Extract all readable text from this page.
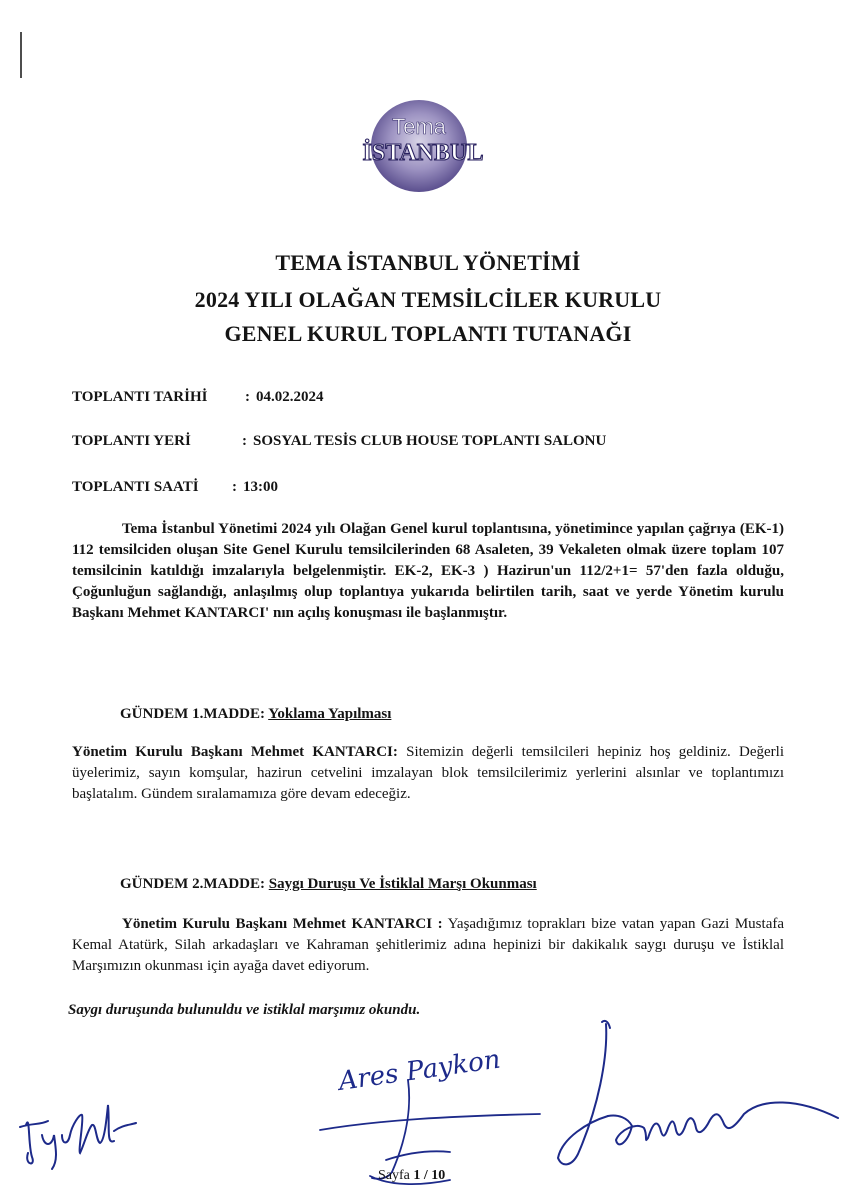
Tema
İSTANBUL
TEMA İSTANBUL YÖNETİMİ
2024 YILI OLAĞAN TEMSİLCİLER KURULU
GENEL KURUL TOPLANTI TUTANAĞI

TOPLANTI TARİHİ	: 04.02.2024

TOPLANTI YERİ	: SOSYAL TESİS CLUB HOUSE TOPLANTI SALONU

TOPLANTI SAATİ : 13:00

Tema İstanbul Yönetimi 2024 yılı Olağan Genel kurul toplantısına, yönetimince yapılan çağrıya (EK-1) 112 temsilciden oluşan Site Genel Kurulu temsilcilerinden 68 Asaleten, 39 Vekaleten olmak üzere toplam 107 temsilcinin katıldığı imzalarıyla belgelenmiştir. EK-2, EK-3 ) Hazirun'un 112/2+1= 57'den fazla olduğu, Çoğunluğun sağlandığı, anlaşılmış olup toplantıya yukarıda belirtilen tarih, saat ve yerde Yönetim kurulu Başkanı Mehmet KANTARCI' nın açılış konuşması ile başlanmıştır.

GÜNDEM 1.MADDE: Yoklama Yapılması

Yönetim Kurulu Başkanı Mehmet KANTARCI: Sitemizin değerli temsilcileri hepiniz hoş geldiniz. Değerli üyelerimiz, sayın komşular, hazirun cetvelini imzalayan blok temsilcilerimiz yerlerini alsınlar ve toplantımızı başlatalım. Gündem sıralamamıza göre devam edeceğiz.

GÜNDEM 2.MADDE: Saygı Duruşu Ve İstiklal Marşı Okunması

Yönetim Kurulu Başkanı Mehmet KANTARCI : Yaşadığımız toprakları bize vatan yapan Gazi Mustafa Kemal Atatürk, Silah arkadaşları ve Kahraman şehitlerimiz adına hepinizi bir dakikalık saygı duruşu ve İstiklal Marşımızın okunması için ayağa davet ediyorum.

Saygı duruşunda bulunuldu ve istiklal marşımız okundu.

Ares Paykon

Sayfa 1 / 10
